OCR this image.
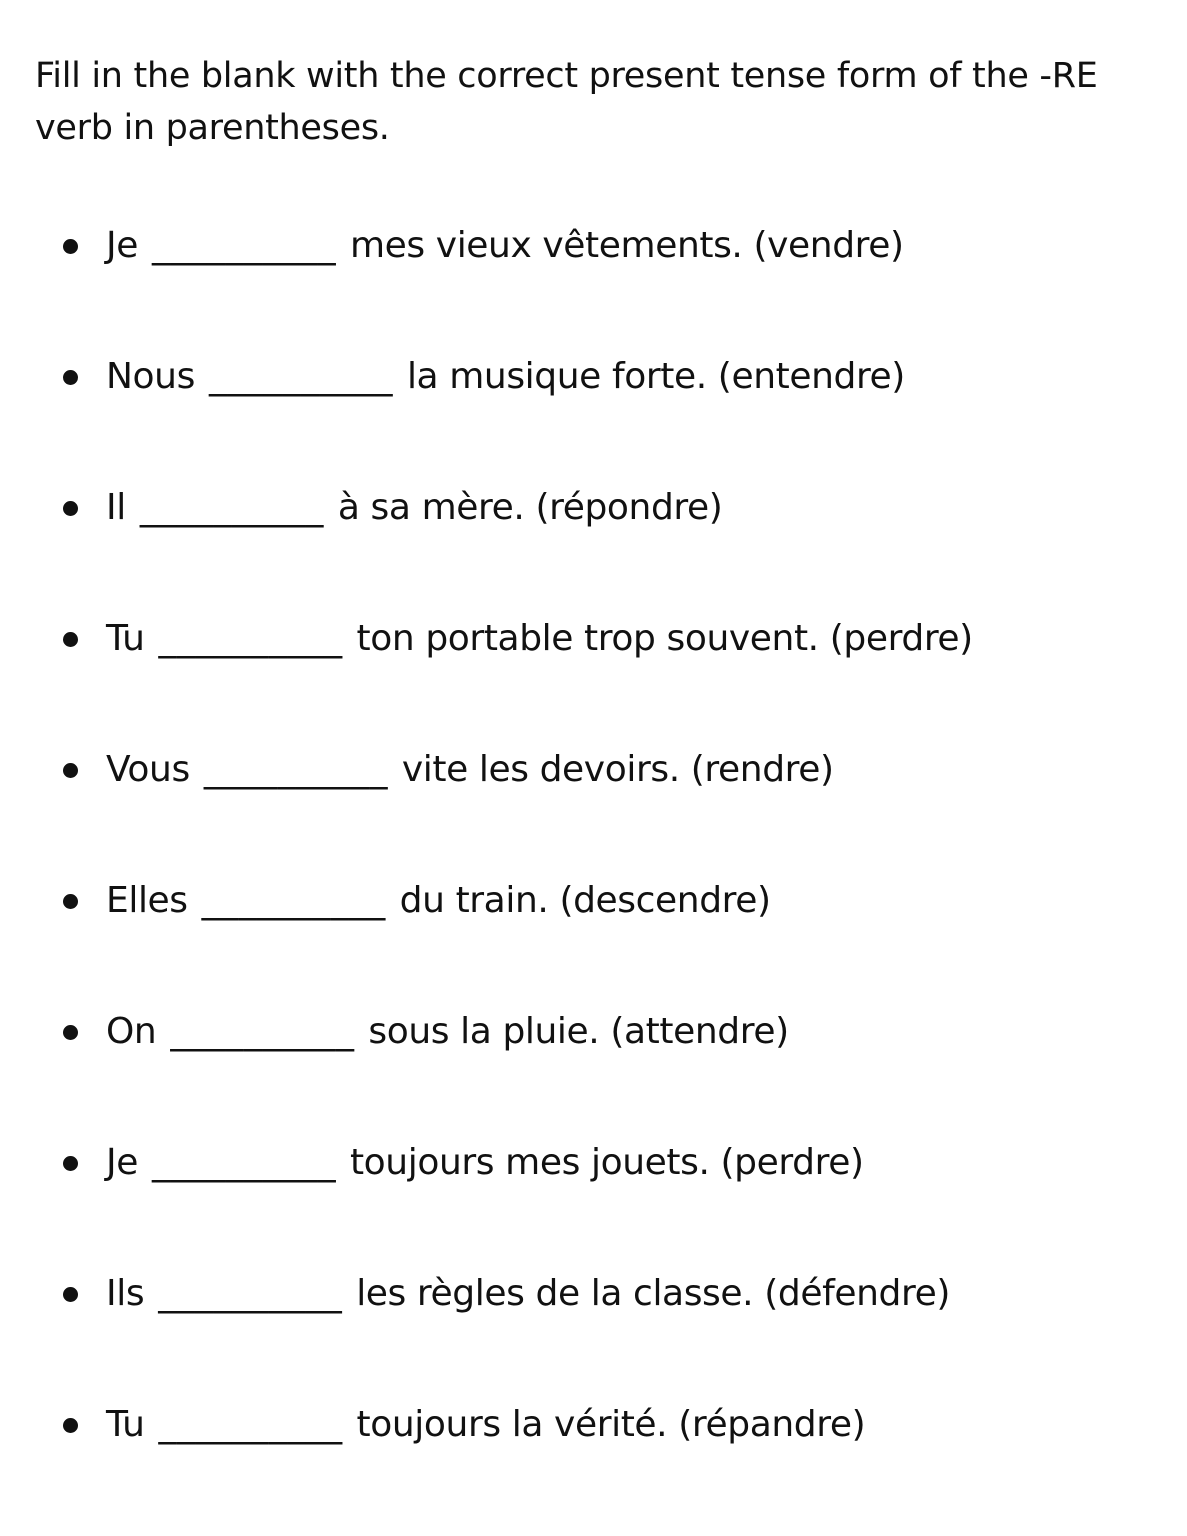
Fill in the blank with the correct present tense form of the -RE verb in parentheses.

Je __________ mes vieux vêtements. (vendre)
Nous __________ la musique forte. (entendre)
Il __________ à sa mère. (répondre)
Tu __________ ton portable trop souvent. (perdre)
Vous __________ vite les devoirs. (rendre)
Elles __________ du train. (descendre)
On __________ sous la pluie. (attendre)
Je __________ toujours mes jouets. (perdre)
Ils __________ les règles de la classe. (défendre)
Tu __________ toujours la vérité. (répandre)
